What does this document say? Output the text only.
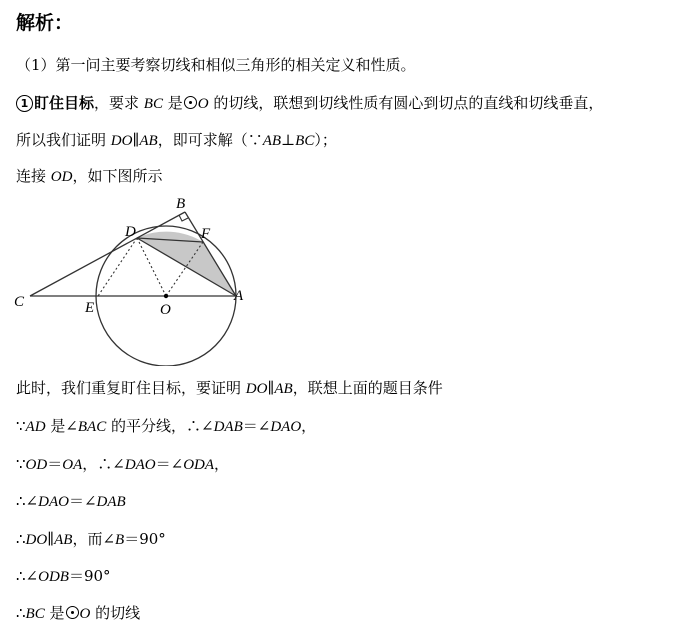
解析：
（1）第一问主要考察切线和相似三角形的相关定义和性质。
1 盯住目标，要求 BC 是 O 的切线，联想到切线性质有圆心到切点的直线和切线垂直，
所以我们证明 DO∥AB，即可求解（∵AB⊥BC）；
连接 OD，如下图所示
B
D	F
C	E	O
A
此时，我们重复盯住目标，要证明 DO∥AB，联想上面的题目条件
∵AD 是∠BAC 的平分线，∴∠DAB＝∠DAO，
∵OD＝OA，∴∠DAO＝∠ODA，
∴∠DAO＝∠DAB
∴DO∥AB，而∠B＝90°
∴∠ODB＝90°
∴BC 是 O 的切线
